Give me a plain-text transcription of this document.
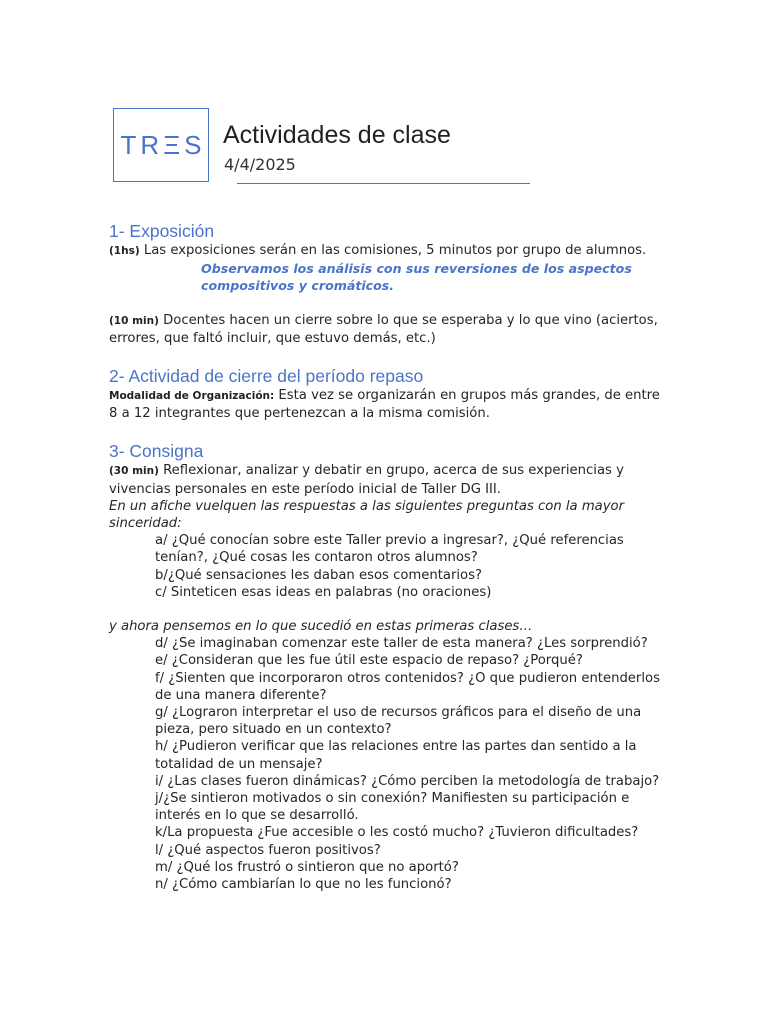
TRΞS Actividades de clase
4/4/2025
1- Exposición

(1hs) Las exposiciones serán en las comisiones, 5 minutos por grupo de alumnos.

Observamos los análisis con sus reversiones de los aspectos

compositivos y cromáticos.

(10 min) Docentes hacen un cierre sobre lo que se esperaba y lo que vino (aciertos, errores, que faltó incluir, que estuvo demás, etc.)

2- Actividad de cierre del período repaso

Modalidad de Organización: Esta vez se organizarán en grupos más grandes, de entre 8 a 12 integrantes que pertenezcan a la misma comisión.

3- Consigna

(30 min) Reflexionar, analizar y debatir en grupo, acerca de sus experiencias y vivencias personales en este período inicial de Taller DG III.

En un afiche vuelquen las respuestas a las siguientes preguntas con la mayor sinceridad:

a/ ¿Qué conocían sobre este Taller previo a ingresar?, ¿Qué referencias tenían?, ¿Qué cosas les contaron otros alumnos?

b/¿Qué sensaciones les daban esos comentarios?

c/ Sinteticen esas ideas en palabras (no oraciones)

y ahora pensemos en lo que sucedió en estas primeras clases…

d/ ¿Se imaginaban comenzar este taller de esta manera? ¿Les sorprendió?

e/ ¿Consideran que les fue útil este espacio de repaso? ¿Porqué?

f/ ¿Sienten que incorporaron otros contenidos? ¿O que pudieron entenderlos de una manera diferente?

g/ ¿Lograron interpretar el uso de recursos gráficos para el diseño de una pieza, pero situado en un contexto?

h/ ¿Pudieron verificar que las relaciones entre las partes dan sentido a la totalidad de un mensaje?

i/ ¿Las clases fueron dinámicas? ¿Cómo perciben la metodología de trabajo?

j/¿Se sintieron motivados o sin conexión? Manifiesten su participación e interés en lo que se desarrolló.

k/La propuesta ¿Fue accesible o les costó mucho? ¿Tuvieron dificultades?

l/ ¿Qué aspectos fueron positivos?

m/ ¿Qué los frustró o sintieron que no aportó?

n/ ¿Cómo cambiarían lo que no les funcionó?
